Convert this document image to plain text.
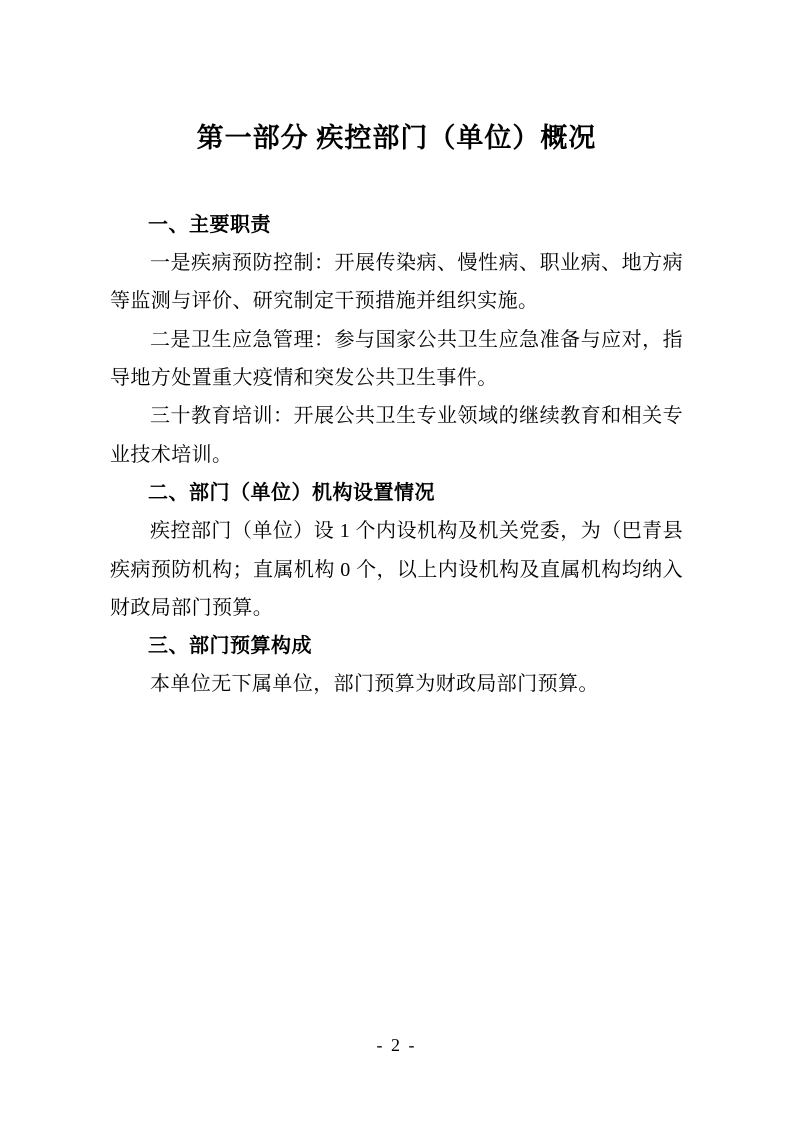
第一部分 疾控部门（单位）概况
一、主要职责

一是疾病预防控制：开展传染病、慢性病、职业病、地方病等监测与评价、研究制定干预措施并组织实施。

二是卫生应急管理：参与国家公共卫生应急准备与应对，指导地方处置重大疫情和突发公共卫生事件。

三十教育培训：开展公共卫生专业领域的继续教育和相关专业技术培训。

二、部门（单位）机构设置情况

疾控部门（单位）设 1 个内设机构及机关党委，为（巴青县疾病预防机构；直属机构 0 个，以上内设机构及直属机构均纳入财政局部门预算。

三、部门预算构成

本单位无下属单位，部门预算为财政局部门预算。

- 2 -
